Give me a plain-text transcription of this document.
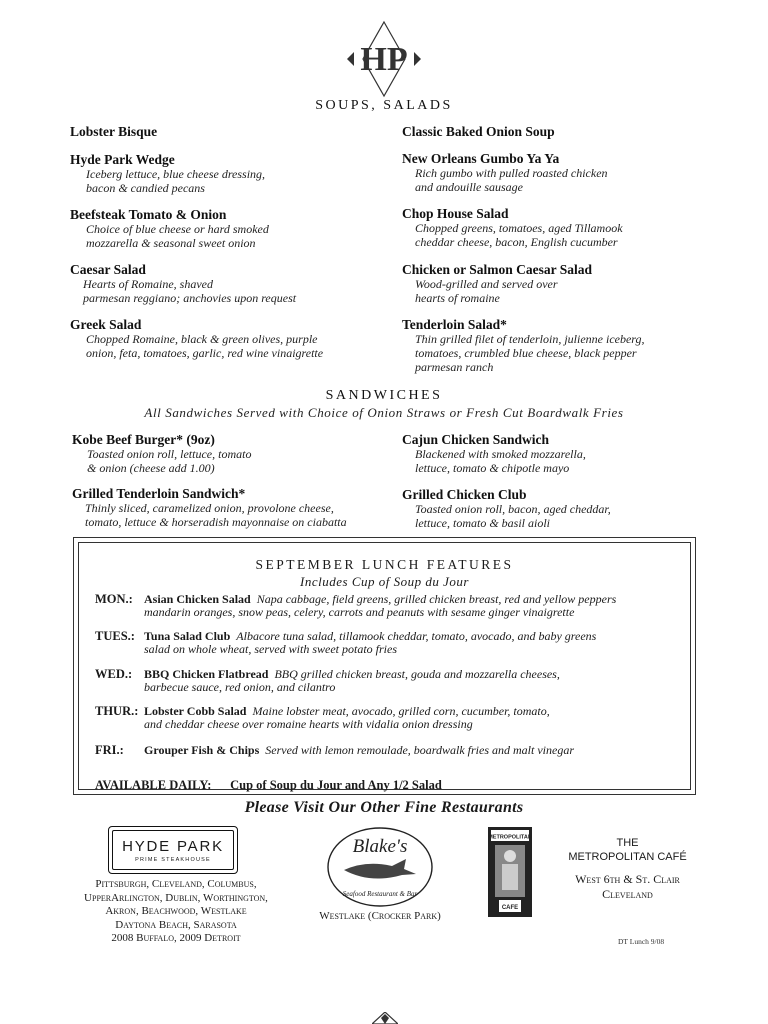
HP
SOUPS, SALADS
Lobster Bisque
Hyde Park Wedge
Iceberg lettuce, blue cheese dressing,
bacon & candied pecans
Beefsteak Tomato & Onion
Choice of blue cheese or hard smoked
mozzarella & seasonal sweet onion
Caesar Salad
Hearts of Romaine, shaved
parmesan reggiano; anchovies upon request
Greek Salad
Chopped Romaine, black & green olives, purple
onion, feta, tomatoes, garlic, red wine vinaigrette
Classic Baked Onion Soup
New Orleans Gumbo Ya Ya
Rich gumbo with pulled roasted chicken
and andouille sausage
Chop House Salad
Chopped greens, tomatoes, aged Tillamook
cheddar cheese, bacon, English cucumber
Chicken or Salmon Caesar Salad
Wood-grilled and served over
hearts of romaine
Tenderloin Salad*
Thin grilled filet of tenderloin, julienne iceberg,
tomatoes, crumbled blue cheese, black pepper
parmesan ranch
SANDWICHES
All Sandwiches Served with Choice of Onion Straws or Fresh Cut Boardwalk Fries
Kobe Beef Burger* (9oz)
Toasted onion roll, lettuce, tomato
& onion (cheese add 1.00)
Grilled Tenderloin Sandwich*
Thinly sliced, caramelized onion, provolone cheese,
tomato, lettuce & horseradish mayonnaise on ciabatta
Cajun Chicken Sandwich
Blackened with smoked mozzarella,
lettuce, tomato & chipotle mayo
Grilled Chicken Club
Toasted onion roll, bacon, aged cheddar,
lettuce, tomato & basil aioli
SEPTEMBER LUNCH FEATURES
Includes Cup of Soup du Jour
MON.: Asian Chicken Salad Napa cabbage, field greens, grilled chicken breast, red and yellow peppers
mandarin oranges, snow peas, celery, carrots and peanuts with sesame ginger vinaigrette
TUES.: Tuna Salad Club Albacore tuna salad, tillamook cheddar, tomato, avocado, and baby greens
salad on whole wheat, served with sweet potato fries
WED.: BBQ Chicken Flatbread BBQ grilled chicken breast, gouda and mozzarella cheeses,
barbecue sauce, red onion, and cilantro
THUR.: Lobster Cobb Salad Maine lobster meat, avocado, grilled corn, cucumber, tomato,
and cheddar cheese over romaine hearts with vidalia onion dressing
FRI.: Grouper Fish & Chips Served with lemon remoulade, boardwalk fries and malt vinegar
AVAILABLE DAILY: Cup of Soup du Jour and Any 1/2 Salad
Please Visit Our Other Fine Restaurants
HYDE PARK
PRIME STEAKHOUSE
Pittsburgh, Cleveland, Columbus,
UpperArlington, Dublin, Worthington,
Akron, Beachwood, Westlake
Daytona Beach, Sarasota
2008 Buffalo, 2009 Detroit
Blake's
Seafood Restaurant & Bar
Westlake (Crocker Park)
METROPOLITAN
CAFE
THE
METROPOLITAN CAFÉ
West 6th & St. Clair
Cleveland
DT Lunch 9/08
